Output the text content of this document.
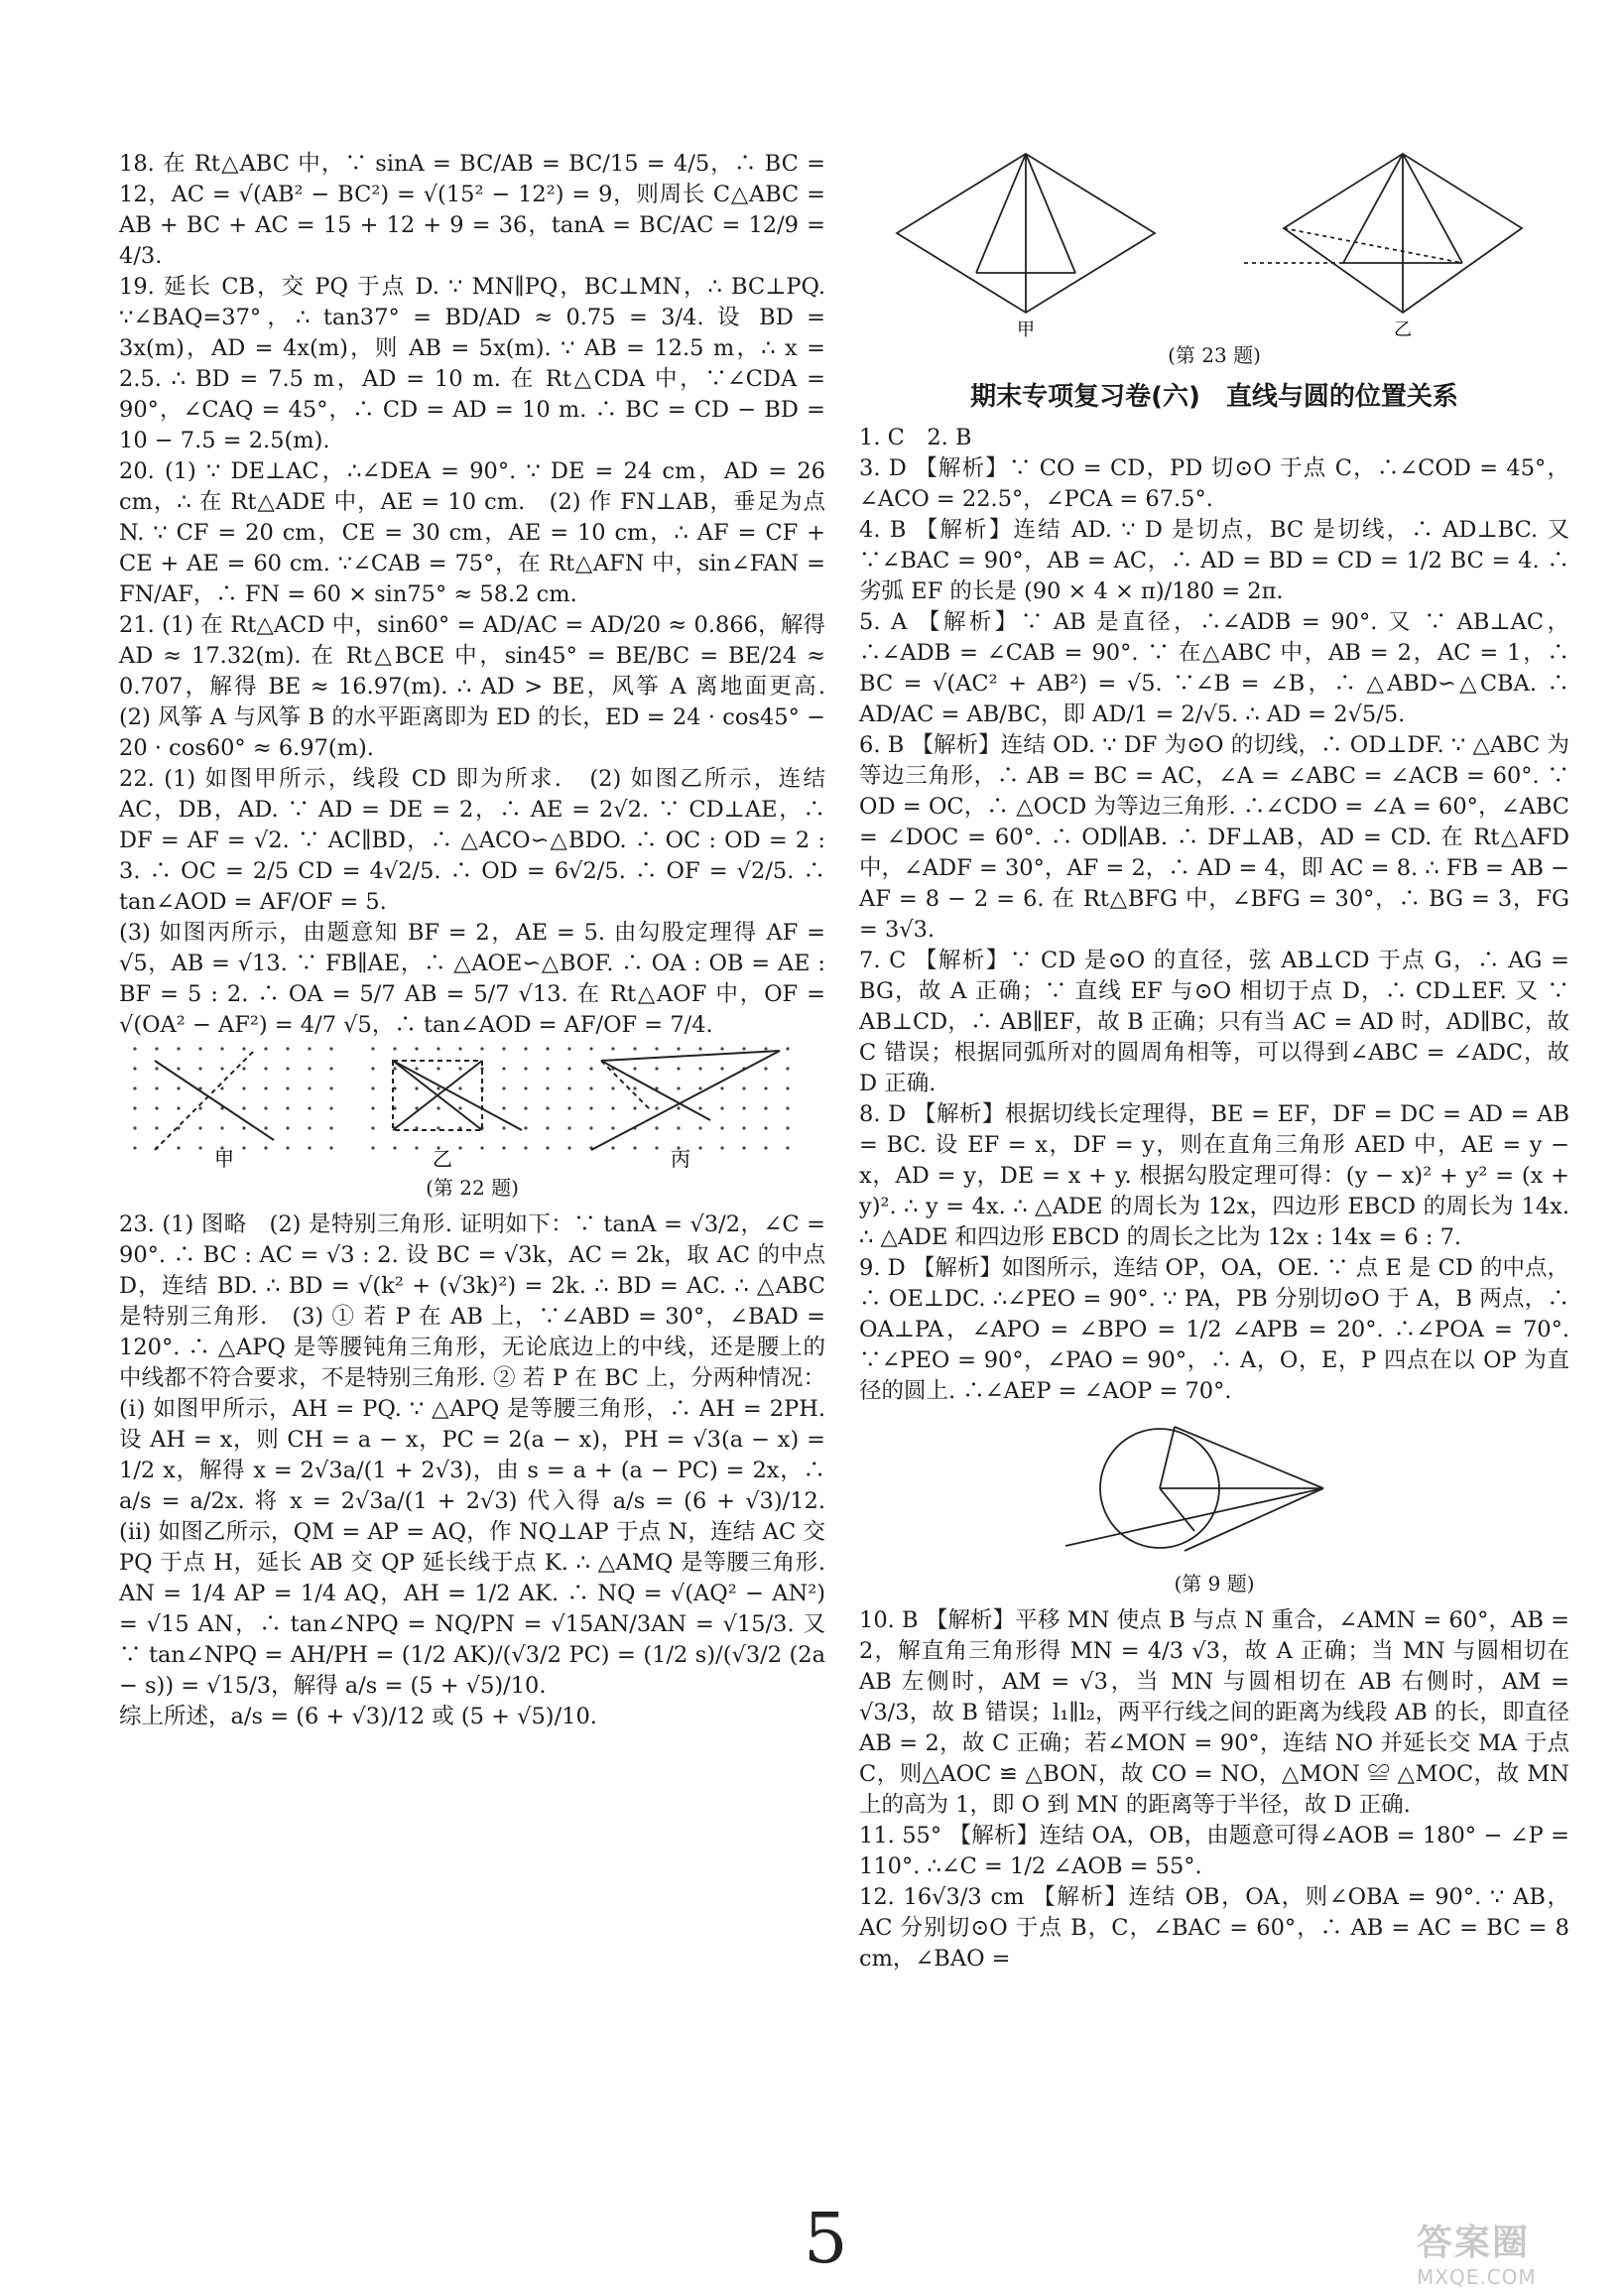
18. 在 Rt△ABC 中，∵ sinA = BC/AB = BC/15 = 4/5，∴ BC = 12，AC = √(AB² − BC²) = √(15² − 12²) = 9，则周长 C△ABC = AB + BC + AC = 15 + 12 + 9 = 36，tanA = BC/AC = 12/9 = 4/3.

19. 延长 CB，交 PQ 于点 D. ∵ MN∥PQ，BC⊥MN，∴ BC⊥PQ. ∵∠BAQ=37°，∴ tan37° = BD/AD ≈ 0.75 = 3/4. 设 BD = 3x(m)，AD = 4x(m)，则 AB = 5x(m). ∵ AB = 12.5 m，∴ x = 2.5. ∴ BD = 7.5 m，AD = 10 m. 在 Rt△CDA 中，∵∠CDA = 90°，∠CAQ = 45°，∴ CD = AD = 10 m. ∴ BC = CD − BD = 10 − 7.5 = 2.5(m).

20. (1) ∵ DE⊥AC，∴∠DEA = 90°. ∵ DE = 24 cm，AD = 26 cm，∴ 在 Rt△ADE 中，AE = 10 cm.   (2) 作 FN⊥AB，垂足为点 N. ∵ CF = 20 cm，CE = 30 cm，AE = 10 cm，∴ AF = CF + CE + AE = 60 cm. ∵∠CAB = 75°，在 Rt△AFN 中，sin∠FAN = FN/AF，∴ FN = 60 × sin75° ≈ 58.2 cm.

21. (1) 在 Rt△ACD 中，sin60° = AD/AC = AD/20 ≈ 0.866，解得 AD ≈ 17.32(m). 在 Rt△BCE 中，sin45° = BE/BC = BE/24 ≈ 0.707，解得 BE ≈ 16.97(m). ∴ AD > BE，风筝 A 离地面更高.   (2) 风筝 A 与风筝 B 的水平距离即为 ED 的长，ED = 24 · cos45° − 20 · cos60° ≈ 6.97(m).

22. (1) 如图甲所示，线段 CD 即为所求.   (2) 如图乙所示，连结 AC，DB，AD. ∵ AD = DE = 2，∴ AE = 2√2. ∵ CD⊥AE，∴ DF = AF = √2. ∵ AC∥BD，∴ △ACO∽△BDO. ∴ OC : OD = 2 : 3. ∴ OC = 2/5 CD = 4√2/5. ∴ OD = 6√2/5. ∴ OF = √2/5. ∴ tan∠AOD = AF/OF = 5.

(3) 如图丙所示，由题意知 BF = 2，AE = 5. 由勾股定理得 AF = √5，AB = √13. ∵ FB∥AE，∴ △AOE∽△BOF. ∴ OA : OB = AE : BF = 5 : 2. ∴ OA = 5/7 AB = 5/7 √13. 在 Rt△AOF 中，OF = √(OA² − AF²) = 4/7 √5，∴ tan∠AOD = AF/OF = 7/4.

甲	乙	丙
(第 22 题)

23. (1) 图略   (2) 是特别三角形. 证明如下：∵ tanA = √3/2，∠C = 90°. ∴ BC : AC = √3 : 2. 设 BC = √3k，AC = 2k，取 AC 的中点 D，连结 BD. ∴ BD = √(k² + (√3k)²) = 2k. ∴ BD = AC. ∴ △ABC 是特别三角形.   (3) ① 若 P 在 AB 上，∵∠ABD = 30°，∠BAD = 120°. ∴ △APQ 是等腰钝角三角形，无论底边上的中线，还是腰上的中线都不符合要求，不是特别三角形. ② 若 P 在 BC 上，分两种情况：(ⅰ) 如图甲所示，AH = PQ. ∵ △APQ 是等腰三角形，∴ AH = 2PH. 设 AH = x，则 CH = a − x，PC = 2(a − x)，PH = √3(a − x) = 1/2 x，解得 x = 2√3a/(1 + 2√3)，由 s = a + (a − PC) = 2x，∴ a/s = a/2x. 将 x = 2√3a/(1 + 2√3) 代入得 a/s = (6 + √3)/12.   (ⅱ) 如图乙所示，QM = AP = AQ，作 NQ⊥AP 于点 N，连结 AC 交 PQ 于点 H，延长 AB 交 QP 延长线于点 K. ∴ △AMQ 是等腰三角形. AN = 1/4 AP = 1/4 AQ，AH = 1/2 AK. ∴ NQ = √(AQ² − AN²) = √15 AN，∴ tan∠NPQ = NQ/PN = √15AN/3AN = √15/3. 又 ∵ tan∠NPQ = AH/PH = (1/2 AK)/(√3/2 PC) = (1/2 s)/(√3/2 (2a − s)) = √15/3，解得 a/s = (5 + √5)/10.

综上所述，a/s = (6 + √3)/12 或 (5 + √5)/10.

甲	乙
(第 23 题)
期末专项复习卷(六)　直线与圆的位置关系

1. C　2. B

3. D 【解析】∵ CO = CD，PD 切⊙O 于点 C，∴∠COD = 45°，∠ACO = 22.5°，∠PCA = 67.5°.

4. B 【解析】连结 AD. ∵ D 是切点，BC 是切线，∴ AD⊥BC. 又 ∵∠BAC = 90°，AB = AC，∴ AD = BD = CD = 1/2 BC = 4. ∴ 劣弧 EF 的长是 (90 × 4 × π)/180 = 2π.

5. A 【解析】∵ AB 是直径，∴∠ADB = 90°. 又 ∵ AB⊥AC，∴∠ADB = ∠CAB = 90°. ∵ 在△ABC 中，AB = 2，AC = 1，∴ BC = √(AC² + AB²) = √5. ∵∠B = ∠B，∴ △ABD∽△CBA. ∴ AD/AC = AB/BC，即 AD/1 = 2/√5. ∴ AD = 2√5/5.

6. B 【解析】连结 OD. ∵ DF 为⊙O 的切线，∴ OD⊥DF. ∵ △ABC 为等边三角形，∴ AB = BC = AC，∠A = ∠ABC = ∠ACB = 60°. ∵ OD = OC，∴ △OCD 为等边三角形. ∴∠CDO = ∠A = 60°，∠ABC = ∠DOC = 60°. ∴ OD∥AB. ∴ DF⊥AB，AD = CD. 在 Rt△AFD 中，∠ADF = 30°，AF = 2，∴ AD = 4，即 AC = 8. ∴ FB = AB − AF = 8 − 2 = 6. 在 Rt△BFG 中，∠BFG = 30°，∴ BG = 3，FG = 3√3.

7. C 【解析】∵ CD 是⊙O 的直径，弦 AB⊥CD 于点 G，∴ AG = BG，故 A 正确；∵ 直线 EF 与⊙O 相切于点 D，∴ CD⊥EF. 又 ∵ AB⊥CD，∴ AB∥EF，故 B 正确；只有当 AC = AD 时，AD∥BC，故 C 错误；根据同弧所对的圆周角相等，可以得到∠ABC = ∠ADC，故 D 正确.

8. D 【解析】根据切线长定理得，BE = EF，DF = DC = AD = AB = BC. 设 EF = x，DF = y，则在直角三角形 AED 中，AE = y − x，AD = y，DE = x + y. 根据勾股定理可得：(y − x)² + y² = (x + y)². ∴ y = 4x. ∴ △ADE 的周长为 12x，四边形 EBCD 的周长为 14x. ∴ △ADE 和四边形 EBCD 的周长之比为 12x : 14x = 6 : 7.

9. D 【解析】如图所示，连结 OP，OA，OE. ∵ 点 E 是 CD 的中点，∴ OE⊥DC. ∴∠PEO = 90°. ∵ PA，PB 分别切⊙O 于 A，B 两点，∴ OA⊥PA，∠APO = ∠BPO = 1/2 ∠APB = 20°. ∴∠POA = 70°. ∵∠PEO = 90°，∠PAO = 90°，∴ A，O，E，P 四点在以 OP 为直径的圆上. ∴∠AEP = ∠AOP = 70°.

(第 9 题)

10. B 【解析】平移 MN 使点 B 与点 N 重合，∠AMN = 60°，AB = 2，解直角三角形得 MN = 4/3 √3，故 A 正确；当 MN 与圆相切在 AB 左侧时，AM = √3，当 MN 与圆相切在 AB 右侧时，AM = √3/3，故 B 错误；l₁∥l₂，两平行线之间的距离为线段 AB 的长，即直径 AB = 2，故 C 正确；若∠MON = 90°，连结 NO 并延长交 MA 于点 C，则△AOC ≌ △BON，故 CO = NO，△MON ≌ △MOC，故 MN 上的高为 1，即 O 到 MN 的距离等于半径，故 D 正确.

11. 55° 【解析】连结 OA，OB，由题意可得∠AOB = 180° − ∠P = 110°. ∴∠C = 1/2 ∠AOB = 55°.

12. 16√3/3 cm 【解析】连结 OB，OA，则∠OBA = 90°. ∵ AB，AC 分别切⊙O 于点 B，C，∠BAC = 60°，∴ AB = AC = BC = 8 cm，∠BAO =

5	答案圈
MXQE.COM
